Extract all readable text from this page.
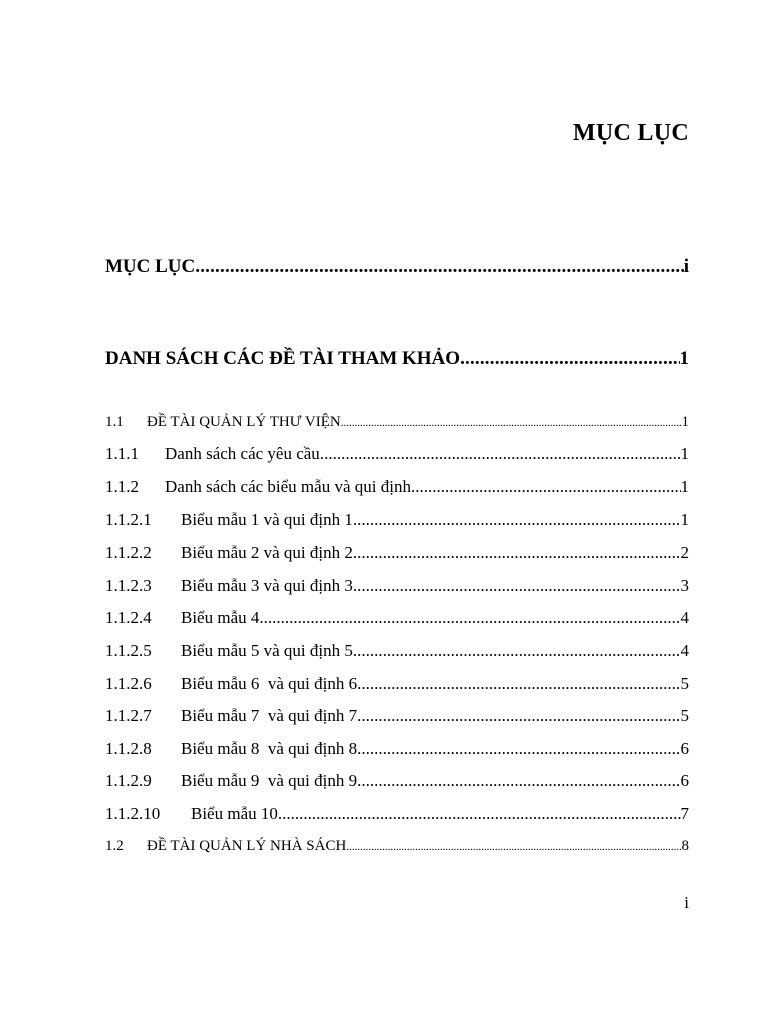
MỤC LỤC
MỤC LỤC .....	i
DANH SÁCH CÁC ĐỀ TÀI THAM KHẢO .....	1
1.1	ĐỀ TÀI QUẢN LÝ THƯ VIỆN .....	1
1.1.1	Danh sách các yêu cầu .....	1
1.1.2	Danh sách các biểu mẫu và qui định .....	1
1.1.2.1	Biểu mẫu 1 và qui định 1 .....	1
1.1.2.2	Biểu mẫu 2 và qui định 2 .....	2
1.1.2.3	Biểu mẫu 3 và qui định 3 .....	3
1.1.2.4	Biểu mẫu 4 .....	4
1.1.2.5	Biểu mẫu 5 và qui định 5 .....	4
1.1.2.6	Biểu mẫu 6  và qui định 6 .....	5
1.1.2.7	Biểu mẫu 7  và qui định 7 .....	5
1.1.2.8	Biểu mẫu 8  và qui định 8 .....	6
1.1.2.9	Biểu mẫu 9  và qui định 9 .....	6
1.1.2.10	Biểu mẫu 10 .....	7
1.2	ĐỀ TÀI QUẢN LÝ NHÀ SÁCH .....	8
i
